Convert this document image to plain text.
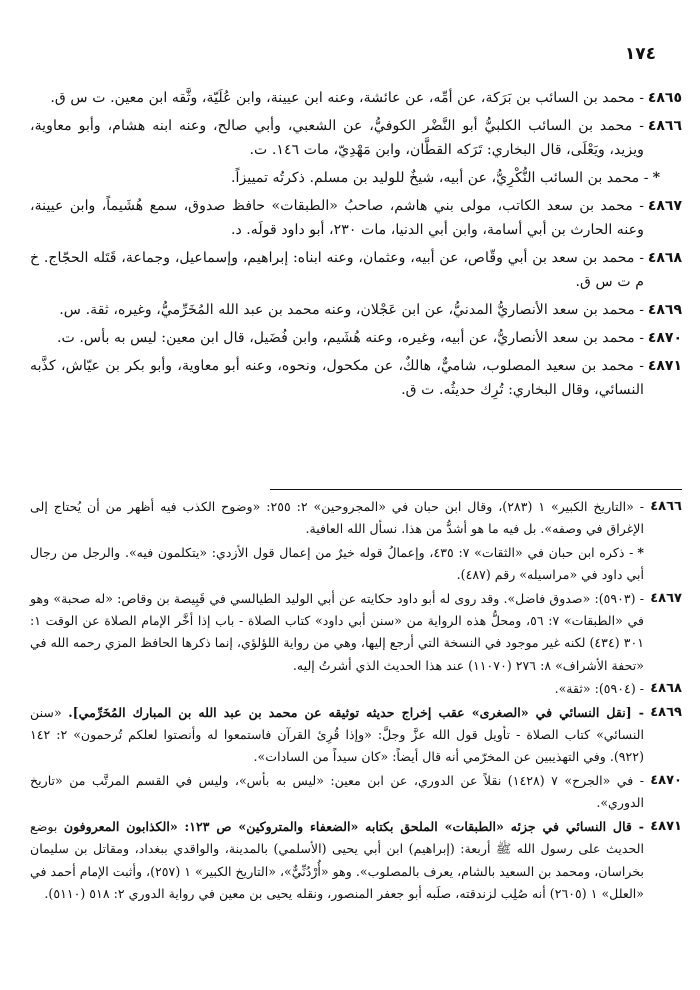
١٧٤
٤٨٦٥
- محمد بن السائب بن بَرَكة، عن أمِّه، عن عائشة، وعنه ابن عيينة، وابن عُلَيّة، وثَّقه ابن معين. ت س ق.
٤٨٦٦
- محمد بن السائب الكلبيُّ أبو النَّضْر الكوفيُّ، عن الشعبي، وأبي صالح، وعنه ابنه هشام، وأبو معاوية، ويزيد، ويَعْلَى، قال البخاري: تَرَكه القطَّان، وابن مَهْدِيّ، مات ١٤٦. ت.
*- محمد بن السائب النُّكْرِيُّ، عن أبيه، شيخٌ للوليد بن مسلم. ذكرتُه تمييزاً.
٤٨٦٧
- محمد بن سعد الكاتب، مولى بني هاشم، صاحبُ «الطبقات» حافظ صدوق، سمع هُشَيماً، وابن عيينة، وعنه الحارث بن أبي أسامة، وابن أبي الدنيا، مات ٢٣٠، أبو داود قولَه. د.
٤٨٦٨
- محمد بن سعد بن أبي وقّاص، عن أبيه، وعثمان، وعنه ابناه: إبراهيم، وإسماعيل، وجماعة، قَتَله الحجّاج. خ م ت س ق.
٤٨٦٩
- محمد بن سعد الأنصاريُّ المدنيُّ، عن ابن عَجْلان، وعنه محمد بن عبد الله المُخَرِّميُّ، وغيره، ثقة. س.
٤٨٧٠
- محمد بن سعد الأنصاريُّ، عن أبيه، وغيره، وعنه هُشَيم، وابن فُضَيل، قال ابن معين: ليس به بأس. ت.
٤٨٧١
- محمد بن سعيد المصلوب، شاميٌّ، هالكٌ، عن مكحول، ونحوه، وعنه أبو معاوية، وأبو بكر بن عيّاش، كذَّبه النسائي، وقال البخاري: تُرِك حديثُه. ت ق.
٤٨٦٦
- «التاريخ الكبير» ١ (٢٨٣)، وقال ابن حبان في «المجروحين» ٢: ٢٥٥: «وضوح الكذب فيه أظهر من أن يُحتاج إلى الإغراق في وصفه». بل فيه ما هو أشدُّ من هذا. نسأل الله العافية.
*- ذكره ابن حبان في «الثقات» ٧: ٤٣٥، وإعمالُ قوله خيرٌ من إعمال قول الأزدي: «يتكلمون فيه». والرجل من رجال أبي داود في «مراسيله» رقم (٤٨٧).
٤٨٦٧
- (٥٩٠٣): «صدوق فاضل». وقد روى له أبو داود حكايته عن أبي الوليد الطيالسي في قَبِيصة بن وقاص: «له صحبة» وهو في «الطبقات» ٧: ٥٦، ومحلُّ هذه الرواية من «سنن أبي داود» كتاب الصلاة - باب إذا أخَّر الإمام الصلاة عن الوقت ١: ٣٠١ (٤٣٤) لكنه غير موجود في النسخة التي أرجع إليها، وهي من رواية اللؤلؤي، إنما ذكرها الحافظ المزي رحمه الله في «تحفة الأشراف» ٨: ٢٧٦ (١١٠٧٠) عند هذا الحديث الذي أشرتُ إليه.
٤٨٦٨
- (٥٩٠٤): «ثقة».
٤٨٦٩
- [نقل النسائي في «الصغرى» عقب إخراج حديثه توثيقه عن محمد بن عبد الله بن المبارك المُخَرِّمي]. «سنن النسائي» كتاب الصلاة - تأويل قول الله عزَّ وجلَّ: «وإذا قُرِئ القرآن فاستمعوا له وأنصتوا لعلكم تُرحمون» ٢: ١٤٢ (٩٢٢). وفي التهذيبين عن المخرّمي أنه قال أيضاً: «كان سيداً من السادات».
٤٨٧٠
- في «الجرح» ٧ (١٤٢٨) نقلاً عن الدوري، عن ابن معين: «ليس به بأس»، وليس في القسم المرتَّب من «تاريخ الدوري».
٤٨٧١
- قال النسائي في جزئه «الطبقات» الملحق بكتابه «الضعفاء والمتروكين» ص ١٢٣: «الكذابون المعروفون بوضع الحديث على رسول الله ﷺ أربعة: (إبراهيم) ابن أبي يحيى (الأسلمي) بالمدينة، والواقدي ببغداد، ومقاتل بن سليمان بخراسان، ومحمد بن السعيد بالشام، يعرف بالمصلوب». وهو «أُرْدُنِّيٌّ»، «التاريخ الكبير» ١ (٢٥٧)، وأثبت الإمام أحمد في «العلل» ١ (٢٦٠٥) أنه صُلِب لزندقته، صلَبه أبو جعفر المنصور، ونقله يحيى بن معين في رواية الدوري ٢: ٥١٨ (٥١١٠).
